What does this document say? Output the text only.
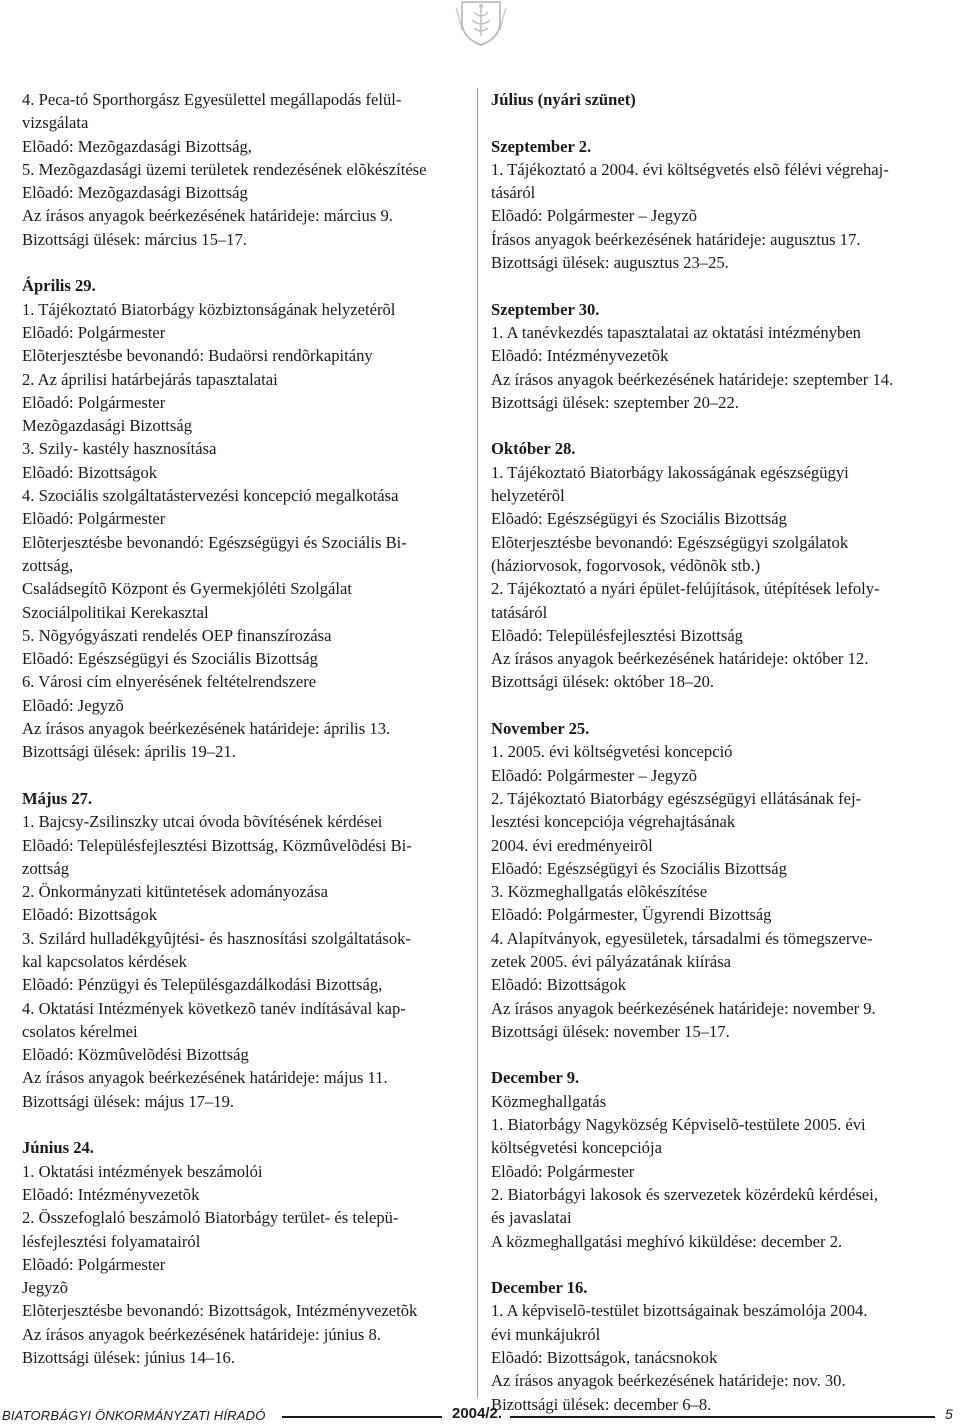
4. Peca-tó Sporthorgász Egyesülettel megállapodás felül-
vizsgálata
Elõadó: Mezõgazdasági Bizottság,
5. Mezõgazdasági üzemi területek rendezésének elõkészítése
Elõadó: Mezõgazdasági Bizottság
Az írásos anyagok beérkezésének határideje: március 9.
Bizottsági ülések: március 15–17.
Április 29.
1. Tájékoztató Biatorbágy közbiztonságának helyzetérõl
Elõadó: Polgármester
Elõterjesztésbe bevonandó: Budaörsi rendõrkapitány
2. Az áprilisi határbejárás tapasztalatai
Elõadó: Polgármester
Mezõgazdasági Bizottság
3. Szily- kastély hasznosítása
Elõadó: Bizottságok
4. Szociális szolgáltatástervezési koncepció megalkotása
Elõadó: Polgármester
Elõterjesztésbe bevonandó: Egészségügyi és Szociális Bi-
zottság,
Családsegítõ Központ és Gyermekjóléti Szolgálat
Szociálpolitikai Kerekasztal
5. Nõgyógyászati rendelés OEP finanszírozása
Elõadó: Egészségügyi és Szociális Bizottság
6. Városi cím elnyerésének feltételrendszere
Elõadó: Jegyzõ
Az írásos anyagok beérkezésének határideje: április 13.
Bizottsági ülések: április 19–21.
Május 27.
1. Bajcsy-Zsilinszky utcai óvoda bõvítésének kérdései
Elõadó: Településfejlesztési Bizottság, Közmûvelõdési Bi-
zottság
2. Önkormányzati kitüntetések adományozása
Elõadó: Bizottságok
3. Szilárd hulladékgyûjtési- és hasznosítási szolgáltatások-
kal kapcsolatos kérdések
Elõadó: Pénzügyi és Településgazdálkodási Bizottság,
4. Oktatási Intézmények következõ tanév indításával kap-
csolatos kérelmei
Elõadó: Közmûvelõdési Bizottság
Az írásos anyagok beérkezésének határideje: május 11.
Bizottsági ülések: május 17–19.
Június 24.
1. Oktatási intézmények beszámolói
Elõadó: Intézményvezetõk
2. Összefoglaló beszámoló Biatorbágy terület- és telepü-
lésfejlesztési folyamatairól
Elõadó: Polgármester
Jegyzõ
Elõterjesztésbe bevonandó: Bizottságok, Intézményvezetõk
Az írásos anyagok beérkezésének határideje: június 8.
Bizottsági ülések: június 14–16.
Július (nyári szünet)
Szeptember 2.
1. Tájékoztató a 2004. évi költségvetés elsõ félévi végrehaj-
tásáról
Elõadó: Polgármester – Jegyzõ
Írásos anyagok beérkezésének határideje: augusztus 17.
Bizottsági ülések: augusztus 23–25.
Szeptember 30.
1. A tanévkezdés tapasztalatai az oktatási intézményben
Elõadó: Intézményvezetõk
Az írásos anyagok beérkezésének határideje: szeptember 14.
Bizottsági ülések: szeptember 20–22.
Október 28.
1. Tájékoztató Biatorbágy lakosságának egészségügyi
helyzetérõl
Elõadó: Egészségügyi és Szociális Bizottság
Elõterjesztésbe bevonandó: Egészségügyi szolgálatok
(háziorvosok, fogorvosok, védõnõk stb.)
2. Tájékoztató a nyári épület-felújítások, útépítések lefoly-
tatásáról
Elõadó: Településfejlesztési Bizottság
Az írásos anyagok beérkezésének határideje: október 12.
Bizottsági ülések: október 18–20.
November 25.
1. 2005. évi költségvetési koncepció
Elõadó: Polgármester – Jegyzõ
2. Tájékoztató Biatorbágy egészségügyi ellátásának fej-
lesztési koncepciója végrehajtásának
2004. évi eredményeirõl
Elõadó: Egészségügyi és Szociális Bizottság
3. Közmeghallgatás elõkészítése
Elõadó: Polgármester, Ügyrendi Bizottság
4. Alapítványok, egyesületek, társadalmi és tömegszerve-
zetek 2005. évi pályázatának kiírása
Elõadó: Bizottságok
Az írásos anyagok beérkezésének határideje: november 9.
Bizottsági ülések: november 15–17.
December 9.
Közmeghallgatás
1. Biatorbágy Nagyközség Képviselõ-testülete 2005. évi
költségvetési koncepciója
Elõadó: Polgármester
2. Biatorbágyi lakosok és szervezetek közérdekû kérdései,
és javaslatai
A közmeghallgatási meghívó kiküldése: december 2.
December 16.
1. A képviselõ-testület bizottságainak beszámolója 2004.
évi munkájukról
Elõadó: Bizottságok, tanácsnokok
Az írásos anyagok beérkezésének határideje: nov. 30.
Bizottsági ülések: december 6–8.
BIATORBÁGYI ÖNKORMÁNYZATI HÍRADÓ	2004/2.	5
